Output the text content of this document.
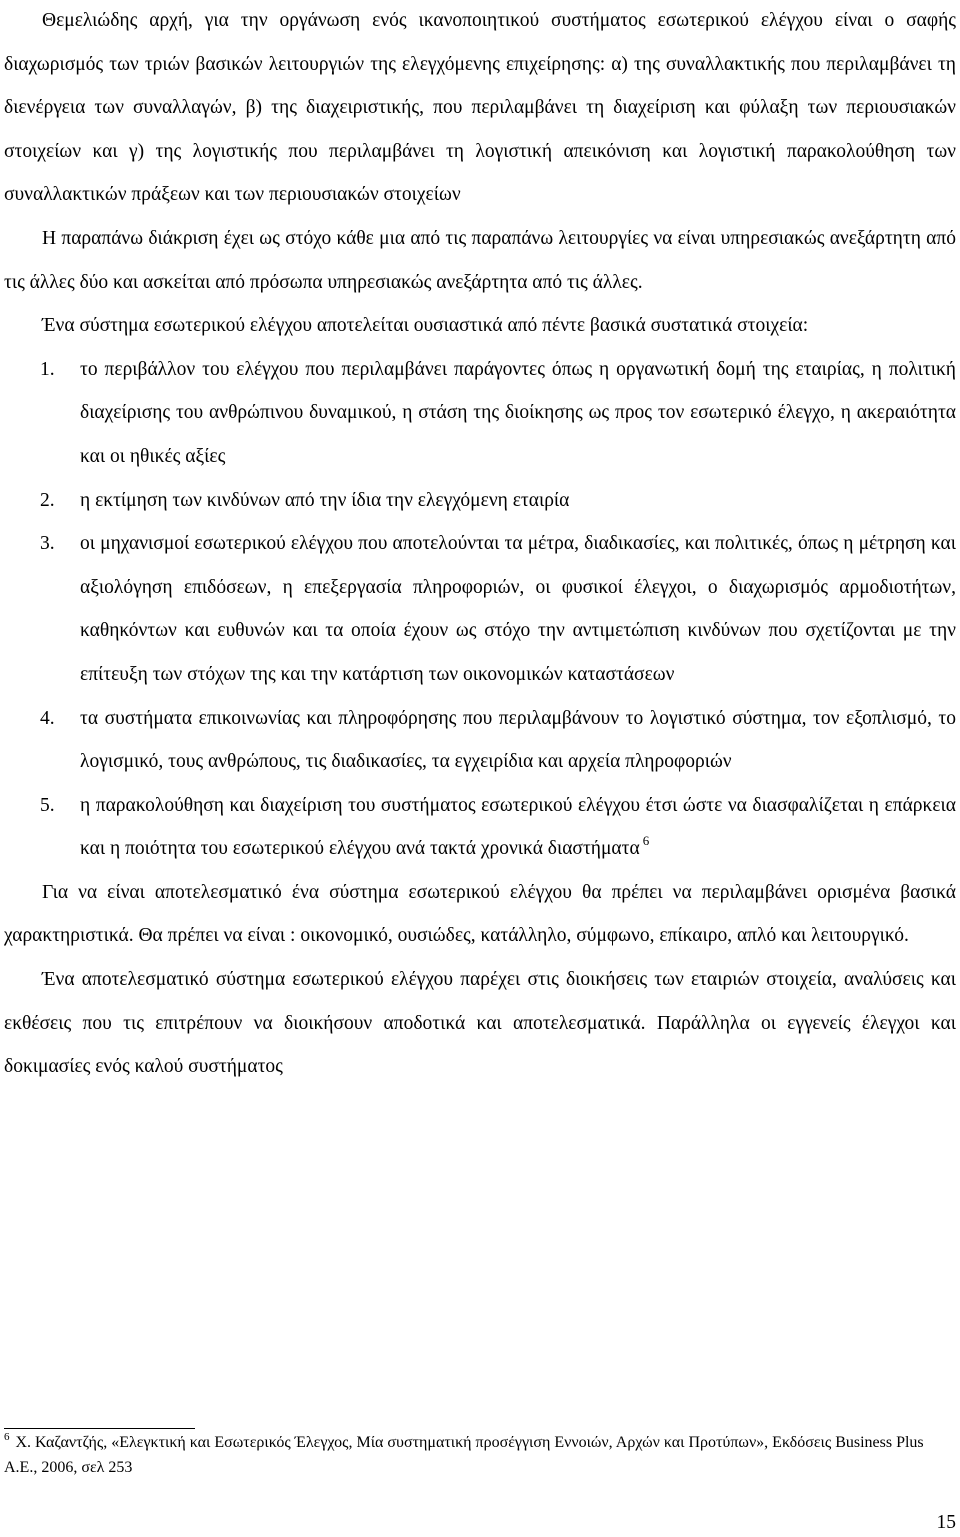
Θεμελιώδης αρχή, για την οργάνωση ενός ικανοποιητικού συστήματος εσωτερικού ελέγχου είναι ο σαφής διαχωρισμός των τριών βασικών λειτουργιών της ελεγχόμενης επιχείρησης: α) της συναλλακτικής που περιλαμβάνει τη διενέργεια των συναλλαγών, β) της διαχειριστικής, που περιλαμβάνει τη διαχείριση και φύλαξη των περιουσιακών στοιχείων και γ) της λογιστικής που περιλαμβάνει τη λογιστική απεικόνιση και λογιστική παρακολούθηση των συναλλακτικών πράξεων και των περιουσιακών στοιχείων

Η παραπάνω διάκριση έχει ως στόχο κάθε μια από τις παραπάνω λειτουργίες να είναι υπηρεσιακώς ανεξάρτητη από τις άλλες δύο και ασκείται από πρόσωπα υπηρεσιακώς ανεξάρτητα από τις άλλες.

Ένα σύστημα εσωτερικού ελέγχου αποτελείται ουσιαστικά από πέντε βασικά συστατικά στοιχεία:

1. το περιβάλλον του ελέγχου που περιλαμβάνει παράγοντες όπως η οργανωτική δομή της εταιρίας, η πολιτική διαχείρισης του ανθρώπινου δυναμικού, η στάση της διοίκησης ως προς τον εσωτερικό έλεγχο, η ακεραιότητα και οι ηθικές αξίες
2. η εκτίμηση των κινδύνων από την ίδια την ελεγχόμενη εταιρία
3. οι μηχανισμοί εσωτερικού ελέγχου που αποτελούνται τα μέτρα, διαδικασίες, και πολιτικές, όπως η μέτρηση και αξιολόγηση επιδόσεων, η επεξεργασία πληροφοριών, οι φυσικοί έλεγχοι, ο διαχωρισμός αρμοδιοτήτων, καθηκόντων και ευθυνών και τα οποία έχουν ως στόχο την αντιμετώπιση κινδύνων που σχετίζονται με την επίτευξη των στόχων της και την κατάρτιση των οικονομικών καταστάσεων
4. τα συστήματα επικοινωνίας και πληροφόρησης που περιλαμβάνουν το λογιστικό σύστημα, τον εξοπλισμό, το λογισμικό, τους ανθρώπους, τις διαδικασίες, τα εγχειρίδια και αρχεία πληροφοριών
5. η παρακολούθηση και διαχείριση του συστήματος εσωτερικού ελέγχου έτσι ώστε να διασφαλίζεται η επάρκεια και η ποιότητα του εσωτερικού ελέγχου ανά τακτά χρονικά διαστήματα $^6$

Για να είναι αποτελεσματικό ένα σύστημα εσωτερικού ελέγχου θα πρέπει να περιλαμβάνει ορισμένα βασικά χαρακτηριστικά. Θα πρέπει να είναι : οικονομικό, ουσιώδες, κατάλληλο, σύμφωνο, επίκαιρο, απλό και λειτουργικό.

Ένα αποτελεσματικό σύστημα εσωτερικού ελέγχου παρέχει στις διοικήσεις των εταιριών στοιχεία, αναλύσεις και εκθέσεις που τις επιτρέπουν να διοικήσουν αποδοτικά και αποτελεσματικά. Παράλληλα οι εγγενείς έλεγχοι και δοκιμασίες ενός καλού συστήματος

$^6$ Χ. Καζαντζής, «Ελεγκτική και Εσωτερικός Έλεγχος, Μία συστηματική προσέγγιση Εννοιών, Αρχών και Προτύπων», Εκδόσεις Business Plus A.E., 2006, σελ 253

15
